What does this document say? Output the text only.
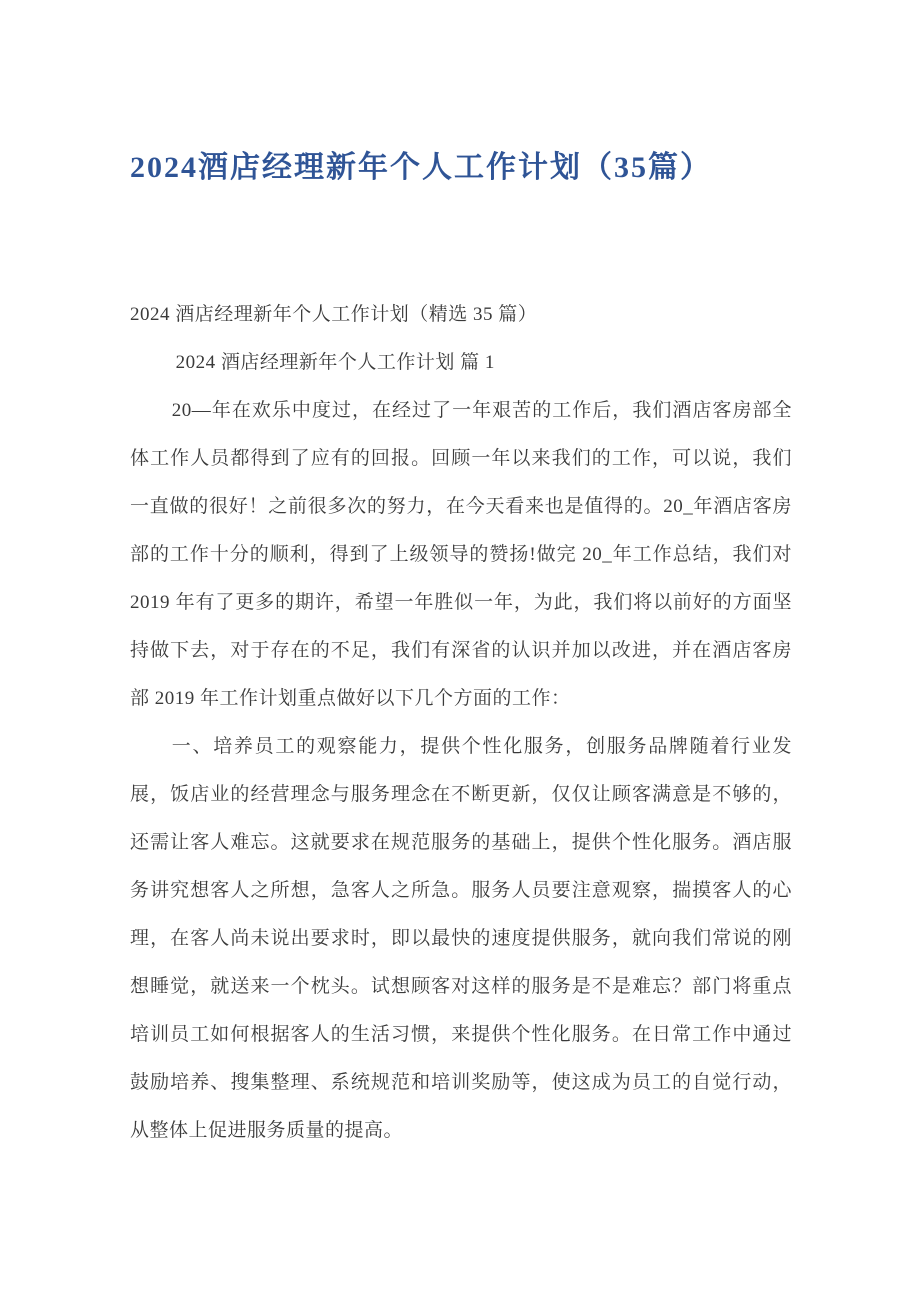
2024酒店经理新年个人工作计划（35篇）

2024 酒店经理新年个人工作计划（精选 35 篇）

2024 酒店经理新年个人工作计划 篇 1

20—年在欢乐中度过，在经过了一年艰苦的工作后，我们酒店客房部全体工作人员都得到了应有的回报。回顾一年以来我们的工作，可以说，我们一直做的很好！之前很多次的努力，在今天看来也是值得的。20_年酒店客房部的工作十分的顺利，得到了上级领导的赞扬!做完 20_年工作总结，我们对 2019 年有了更多的期许，希望一年胜似一年，为此，我们将以前好的方面坚持做下去，对于存在的不足，我们有深省的认识并加以改进，并在酒店客房部 2019 年工作计划重点做好以下几个方面的工作：

一、培养员工的观察能力，提供个性化服务，创服务品牌随着行业发展，饭店业的经营理念与服务理念在不断更新，仅仅让顾客满意是不够的，还需让客人难忘。这就要求在规范服务的基础上，提供个性化服务。酒店服务讲究想客人之所想，急客人之所急。服务人员要注意观察，揣摸客人的心理，在客人尚未说出要求时，即以最快的速度提供服务，就向我们常说的刚想睡觉，就送来一个枕头。试想顾客对这样的服务是不是难忘？部门将重点培训员工如何根据客人的生活习惯，来提供个性化服务。在日常工作中通过鼓励培养、搜集整理、系统规范和培训奖励等，使这成为员工的自觉行动，从整体上促进服务质量的提高。
